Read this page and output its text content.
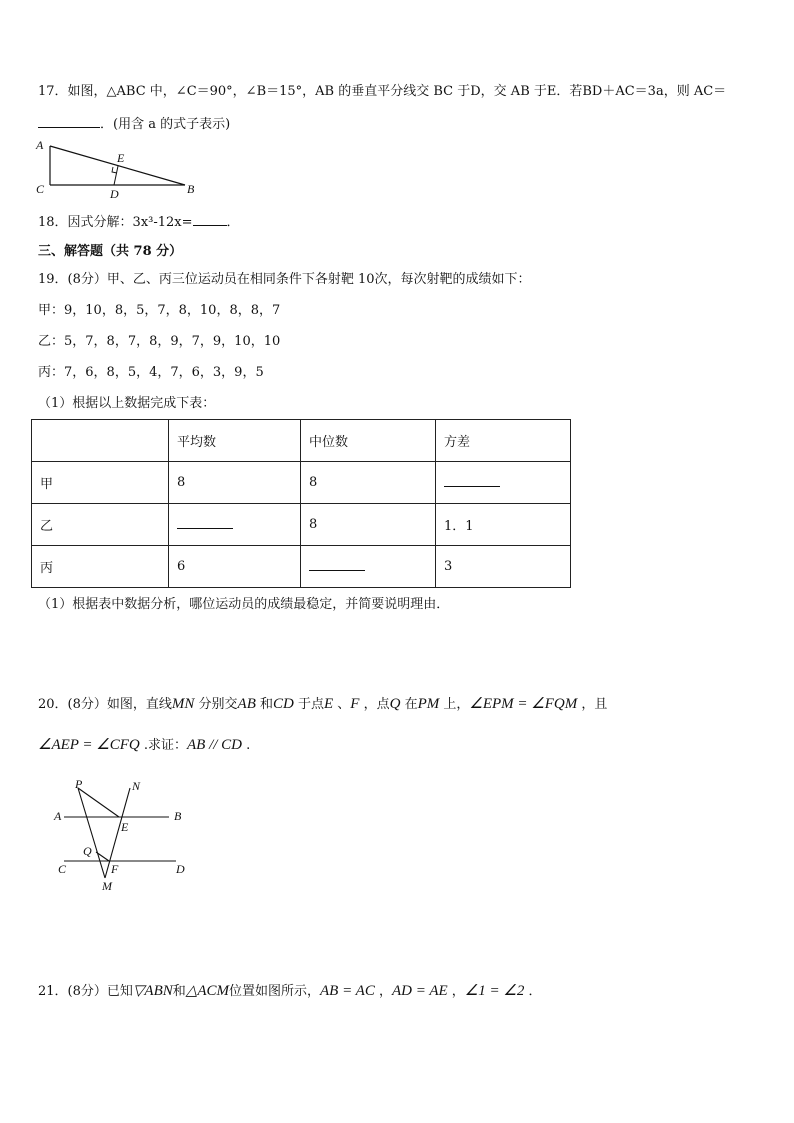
17．如图，△ABC 中，∠C＝90°，∠B＝15°，AB 的垂直平分线交 BC 于D，交 AB 于E．若BD＋AC＝3a，则 AC＝
．(用含 a 的式子表示)
A
C	B
E
D
18．因式分解：3x³-12x=	．
三、解答题（共 78 分）
19．(8分）甲、乙、丙三位运动员在相同条件下各射靶 10次，每次射靶的成绩如下：
甲：9，10，8，5，7，8，10，8，8，7
乙：5，7，8，7，8，9，7，9，10，10
丙：7，6，8，5，4，7，6，3，9，5
（1）根据以上数据完成下表：
	平均数	中位数	方差
甲	8	8	
乙		8	1．1
丙	6		3
（1）根据表中数据分析，哪位运动员的成绩最稳定，并简要说明理由．
20．(8分）如图，直线MN 分别交AB 和CD 于点E 、F ，点Q 在PM 上，∠EPM = ∠FQM ，且
∠AEP = ∠CFQ .求证：AB // CD .
P	N
A
E
B
Q
F
C	D
M
21．(8分）已知▽ABN和△ACM位置如图所示，AB = AC ，AD = AE ，∠1 = ∠2 ．
